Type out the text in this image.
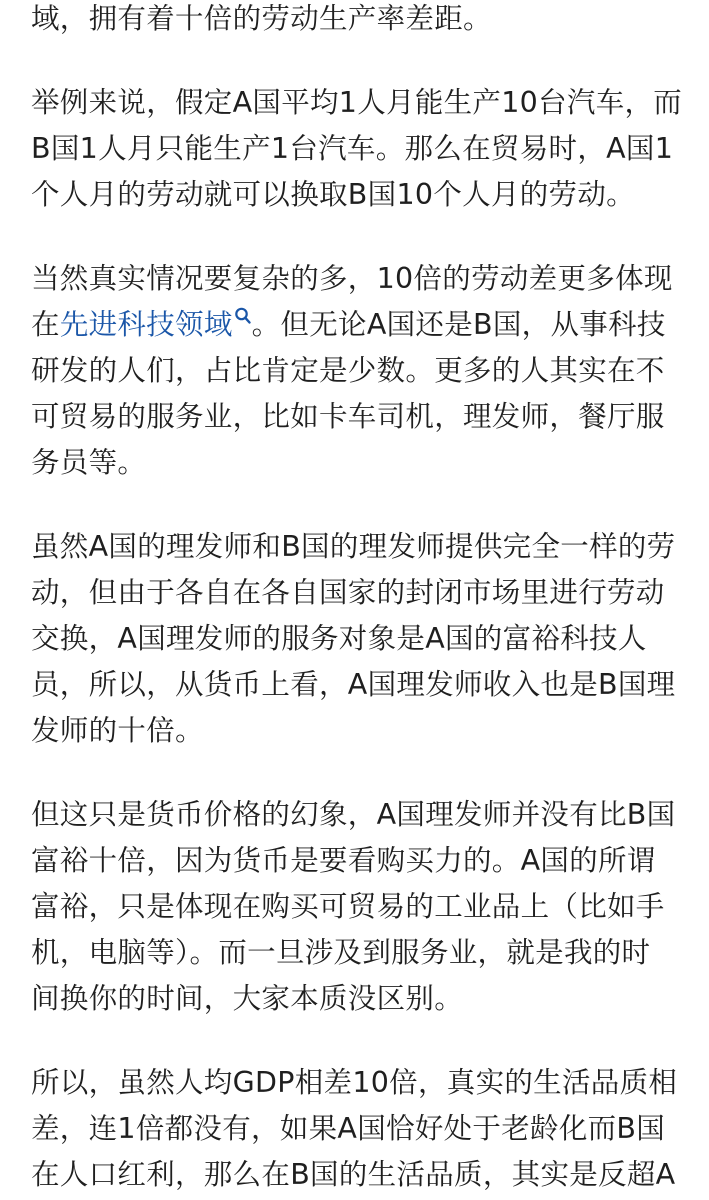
域，拥有着十倍的劳动生产率差距。

举例来说，假定A国平均1人月能生产10台汽车，而
B国1人月只能生产1台汽车。那么在贸易时，A国1
个人月的劳动就可以换取B国10个人月的劳动。

当然真实情况要复杂的多，10倍的劳动差更多体现
在先进科技领域 。但无论A国还是B国，从事科技
研发的人们，占比肯定是少数。更多的人其实在不
可贸易的服务业，比如卡车司机，理发师，餐厅服
务员等。

虽然A国的理发师和B国的理发师提供完全一样的劳
动，但由于各自在各自国家的封闭市场里进行劳动
交换，A国理发师的服务对象是A国的富裕科技人
员，所以，从货币上看，A国理发师收入也是B国理
发师的十倍。

但这只是货币价格的幻象，A国理发师并没有比B国
富裕十倍，因为货币是要看购买力的。A国的所谓
富裕，只是体现在购买可贸易的工业品上（比如手
机，电脑等）。而一旦涉及到服务业，就是我的时
间换你的时间，大家本质没区别。

所以，虽然人均GDP相差10倍，真实的生活品质相
差，连1倍都没有，如果A国恰好处于老龄化而B国
在人口红利，那么在B国的生活品质，其实是反超A
